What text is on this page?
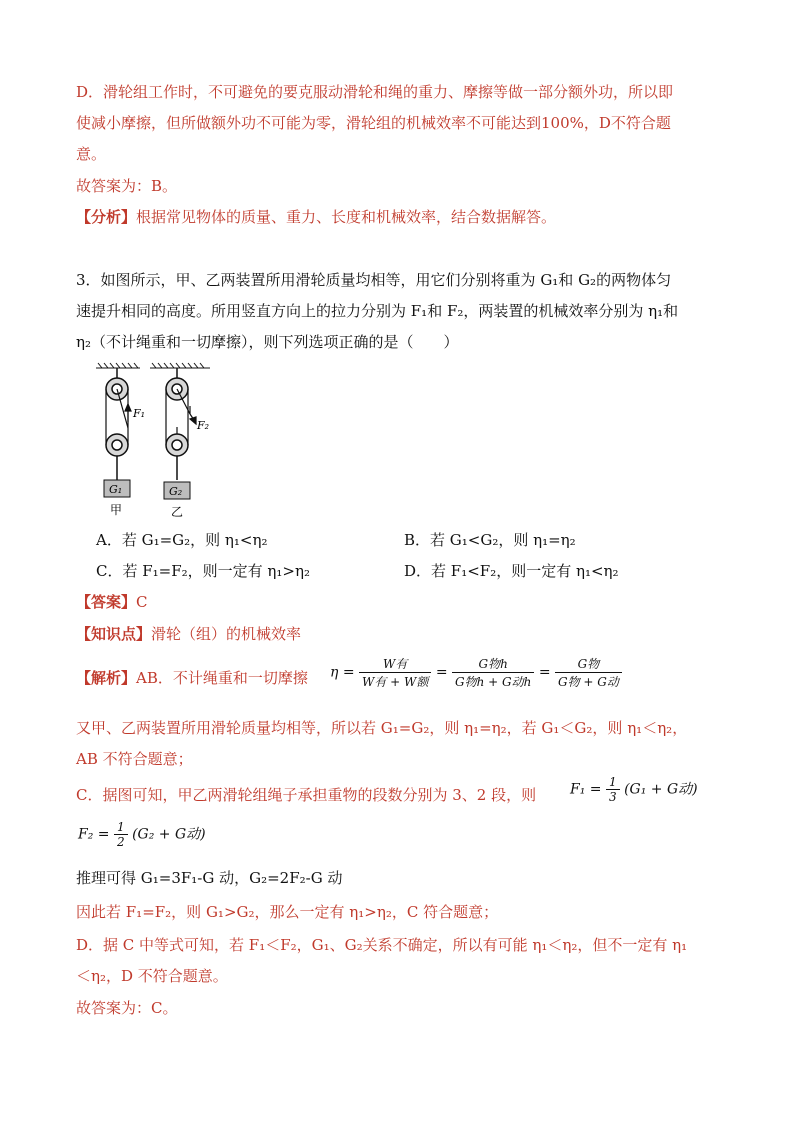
D．滑轮组工作时，不可避免的要克服动滑轮和绳的重力、摩擦等做一部分额外功，所以即
使减小摩擦，但所做额外功不可能为零，滑轮组的机械效率不可能达到100%，D不符合题
意。
故答案为：B。
【分析】根据常见物体的质量、重力、长度和机械效率，结合数据解答。
3．如图所示，甲、乙两装置所用滑轮质量均相等，用它们分别将重为 G₁和 G₂的两物体匀
速提升相同的高度。所用竖直方向上的拉力分别为 F₁和 F₂，两装置的机械效率分别为 η₁和
η₂（不计绳重和一切摩擦），则下列选项正确的是（　　）
F₁
G₁
甲
F₂
G₂
乙
A．若 G₁=G₂，则 η₁<η₂	B．若 G₁<G₂，则 η₁=η₂
C．若 F₁=F₂，则一定有 η₁>η₂	D．若 F₁<F₂，则一定有 η₁<η₂
【答案】C
【知识点】滑轮（组）的机械效率
【解析】AB．不计绳重和一切摩擦 $\eta = \frac{\text{W有}}{\text{W有 + W额}} = \frac{\text{G物h}}{\text{G物h + G动h}} = \frac{\text{G物}}{\text{G物 + G动}}$
又甲、乙两装置所用滑轮质量均相等，所以若 G₁=G₂，则 η₁=η₂，若 G₁＜G₂，则 η₁＜η₂，
AB 不符合题意；
C．据图可知，甲乙两滑轮组绳子承担重物的段数分别为 3、2 段，则 $F_1 = \frac{1}{3} (G_1 + G$动)
$F_2 = \frac{1}{2} (G_2 + G$动)
推理可得 G₁=3F₁-G 动，G₂=2F₂-G 动
因此若 F₁=F₂，则 G₁>G₂，那么一定有 η₁>η₂，C 符合题意；
D．据 C 中等式可知，若 F₁＜F₂，G₁、G₂关系不确定，所以有可能 η₁＜η₂，但不一定有 η₁
＜η₂，D 不符合题意。
故答案为：C。
